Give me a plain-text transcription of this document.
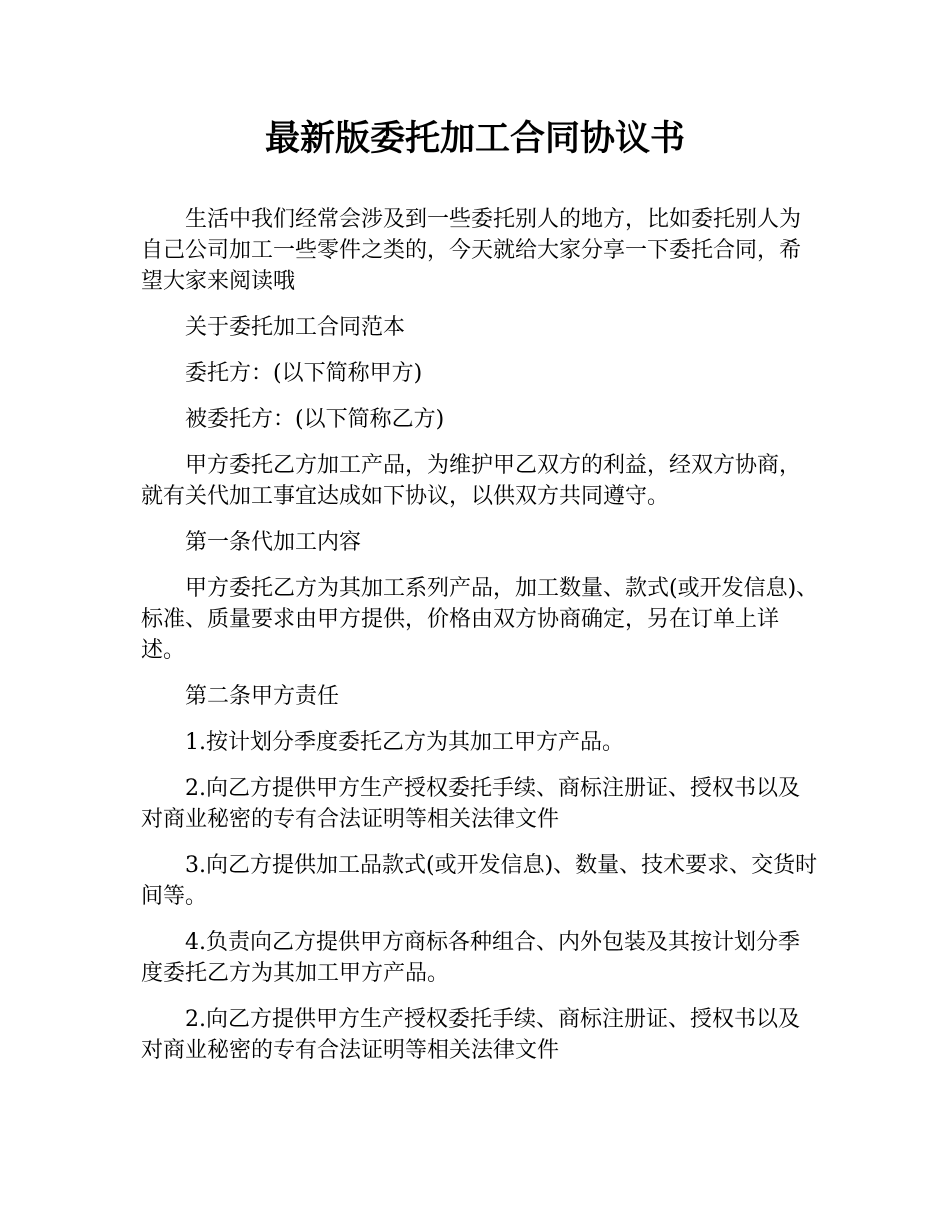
最新版委托加工合同协议书

生活中我们经常会涉及到一些委托别人的地方，比如委托别人为自己公司加工一些零件之类的，今天就给大家分享一下委托合同，希望大家来阅读哦

关于委托加工合同范本

委托方：(以下简称甲方)

被委托方：(以下简称乙方)

甲方委托乙方加工产品，为维护甲乙双方的利益，经双方协商，就有关代加工事宜达成如下协议，以供双方共同遵守。

第一条代加工内容

甲方委托乙方为其加工系列产品，加工数量、款式(或开发信息)、标准、质量要求由甲方提供，价格由双方协商确定，另在订单上详述。

第二条甲方责任

1.按计划分季度委托乙方为其加工甲方产品。

2.向乙方提供甲方生产授权委托手续、商标注册证、授权书以及对商业秘密的专有合法证明等相关法律文件

3.向乙方提供加工品款式(或开发信息)、数量、技术要求、交货时间等。

4.负责向乙方提供甲方商标各种组合、内外包装及其按计划分季度委托乙方为其加工甲方产品。

2.向乙方提供甲方生产授权委托手续、商标注册证、授权书以及对商业秘密的专有合法证明等相关法律文件
